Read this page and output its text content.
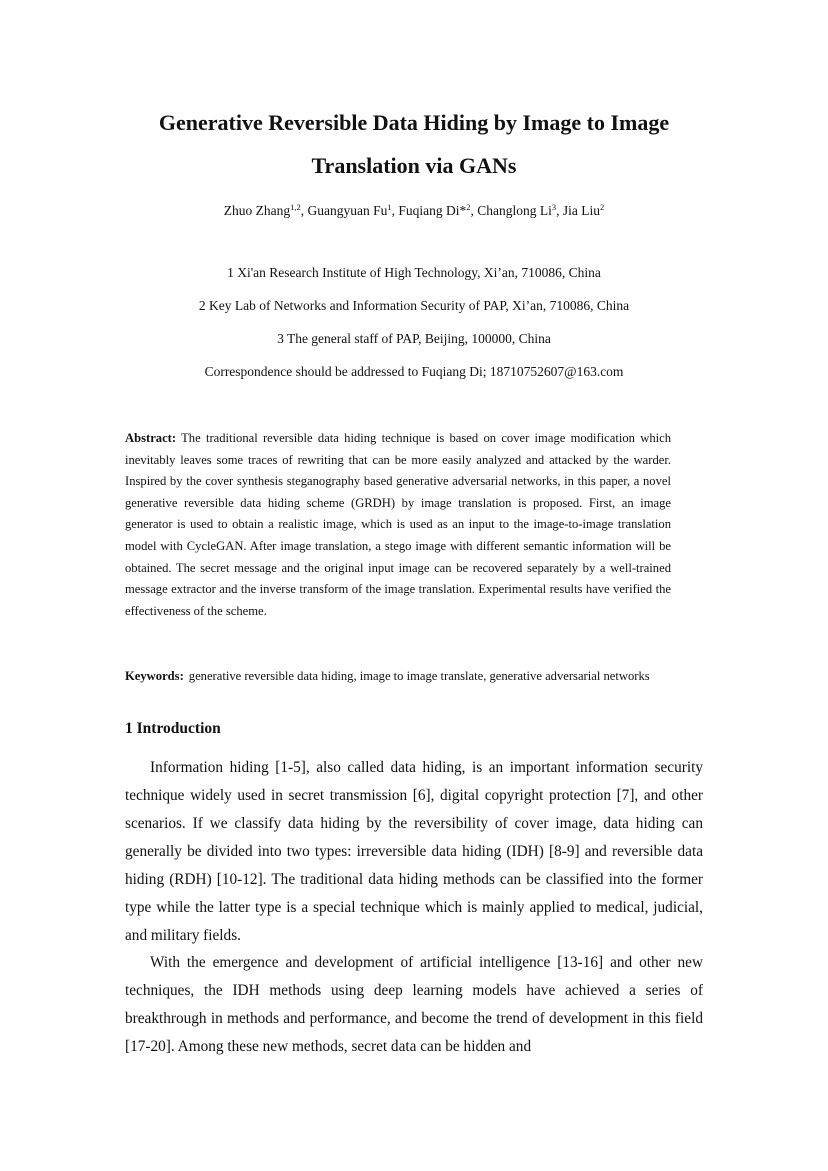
Generative Reversible Data Hiding by Image to Image
Translation via GANs
Zhuo Zhang$^{1,2}$, Guangyuan Fu$^1$, Fuqiang Di*$^2$, Changlong Li$^3$, Jia Liu$^2$
1 Xi'an Research Institute of High Technology, Xi’an, 710086, China
2 Key Lab of Networks and Information Security of PAP, Xi’an, 710086, China
3 The general staff of PAP, Beijing, 100000, China
Correspondence should be addressed to Fuqiang Di; 18710752607@163.com
Abstract: The traditional reversible data hiding technique is based on cover image modification which inevitably leaves some traces of rewriting that can be more easily analyzed and attacked by the warder. Inspired by the cover synthesis steganography based generative adversarial networks, in this paper, a novel generative reversible data hiding scheme (GRDH) by image translation is proposed. First, an image generator is used to obtain a realistic image, which is used as an input to the image-to-image translation model with CycleGAN. After image translation, a stego image with different semantic information will be obtained. The secret message and the original input image can be recovered separately by a well-trained message extractor and the inverse transform of the image translation. Experimental results have verified the effectiveness of the scheme.
Keywords: generative reversible data hiding, image to image translate, generative adversarial networks
1 Introduction

Information hiding [1-5], also called data hiding, is an important information security technique widely used in secret transmission [6], digital copyright protection [7], and other scenarios. If we classify data hiding by the reversibility of cover image, data hiding can generally be divided into two types: irreversible data hiding (IDH) [8-9] and reversible data hiding (RDH) [10-12]. The traditional data hiding methods can be classified into the former type while the latter type is a special technique which is mainly applied to medical, judicial, and military fields.

With the emergence and development of artificial intelligence [13-16] and other new techniques, the IDH methods using deep learning models have achieved a series of breakthrough in methods and performance, and become the trend of development in this field [17-20]. Among these new methods, secret data can be hidden and
